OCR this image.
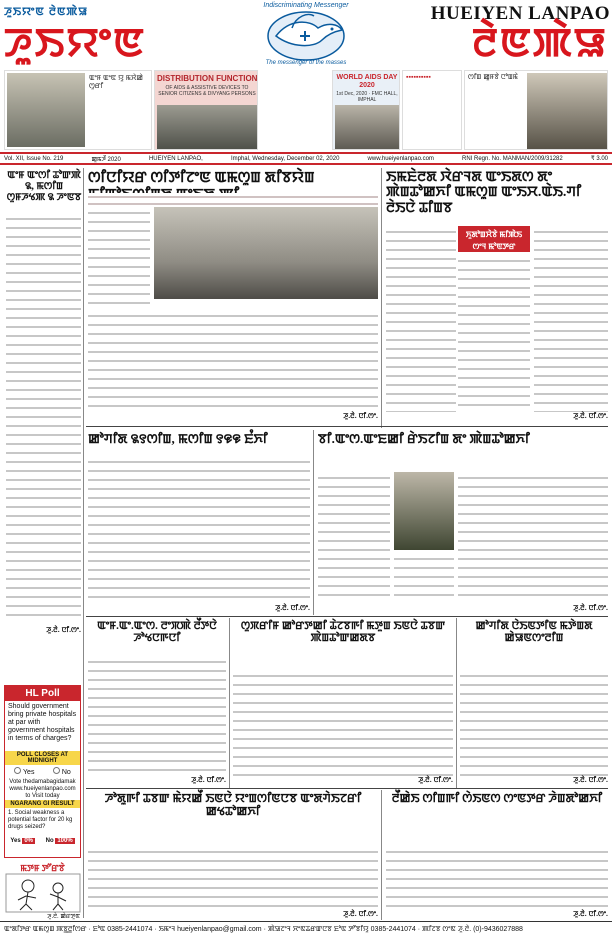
ꯍꯨꯏꯌꯦꯟ ꯂꯥꯟꯄꯥꯎ	HUEIYEN LANPAO
ꯍꯨꯏꯌꯦꯟ	ꯂꯥꯟꯄꯥꯎ
Indiscriminating Messenger
The messenger of the masses
ꯑꯦꯝ ꯑꯦꯟ ꯌꯨ ꯃꯆꯥꯀꯥ ꯁꯨꯔꯤ
DISTRIBUTION FUNCTION
OF AIDS & ASSISTIVE DEVICES TO SENIOR CITIZENS & DIVYANG PERSONS
WORLD AIDS DAY 2020
1st Dec, 2020 · FMC HALL, IMPHAL
▪▪▪▪▪▪▪▪▪▪	ꯁꯤꯡ ꯀꯨꯝꯕꯥ ꯅꯣꯡꯃꯥ
Vol. XII, Issue No. 219	ꯀꯨꯃꯍꯩ 2020	HUEIYEN LANPAO,	Imphal, Wednesday, December 02, 2020	www.hueiyenlanpao.com	RNI Regn. No. MANMAN/2009/31282	₹ 3.00
ꯑꯦꯝ ꯑꯦꯁꯤ ꯊꯣꯛꯄꯥ ꯲, ꯃꯁꯤꯡ ꯁꯨꯝꯍꯠꯄ ꯲ ꯍꯦꯟꯕ
ꯍꯨ.ꯂꯥ. ꯅꯤ.ꯁꯦ.
HL Poll
Should government bring private hospitals at par with government hospitals in terms of charges?
POLL CLOSES AT MIDNIGHT
Yes	No
Vote thedamabagidamak www.hueiyenlanpao.com to Visit today
NGARANG GI RESULT
1. Social weakness a potential factor for 20 kg drugs seized?
Yes 0%	No 100%
ꯃꯇꯝ ꯇꯧꯔꯕꯥ
ꯍꯨ.ꯂꯥ. ꯀꯥꯔꯇꯨꯟ
ꯁꯤꯅꯤꯌꯔ ꯁꯤꯇꯤꯖꯦꯟ ꯑꯃꯁꯨꯡ ꯗꯤꯕꯌꯥꯡ
ꯍꯨ.ꯂꯥ. ꯅꯤ.ꯁꯦ.
ꯏꯃꯐꯥꯂꯗ ꯋꯥꯔꯜꯗ ꯑꯦꯏꯗꯁ ꯗꯦ ꯄꯥꯡꯊꯣꯀꯈꯤ ꯑꯃꯁꯨꯡ ꯑꯦꯏꯆ.ꯑꯥꯏ.ꯚꯤ ꯂꯥꯏꯅꯥ ꯊꯤꯡꯕ
ꯈꯨꯗꯣꯡꯆꯥꯕꯥ ꯃꯤꯄꯥꯏ ꯁꯦꯜ ꯃꯣꯟꯇꯔ
ꯍꯨ.ꯂꯥ. ꯅꯤ.ꯁꯦ.
ꯀꯣꯚꯤꯗ ꯲꯱ꯁꯤꯡ, ꯃꯁꯤꯡ ꯱꯶꯶ ꯐꯪꯈꯤ
ꯍꯨ.ꯂꯥ. ꯅꯤ.ꯁꯦ.
ꯕꯤ.ꯑꯦꯁ.ꯑꯦꯐꯀꯤ ꯔꯥꯏꯖꯤꯡ ꯗꯦ ꯄꯥꯡꯊꯣꯀꯈꯤ
ꯍꯨ.ꯂꯥ. ꯅꯤ.ꯁꯦ.
ꯑꯦꯝ.ꯑꯦ.ꯑꯦꯁ. ꯂꯦꯞꯄꯥ ꯂꯩꯇꯅꯥ ꯍꯣꯠꯅꯒꯅꯤ
ꯍꯨ.ꯂꯥ. ꯅꯤ.ꯁꯦ.
ꯁꯨꯞꯔꯤꯝ ꯀꯣꯔꯇꯀꯤ ꯊꯥꯖꯕꯒꯤ ꯃꯇꯨꯡ ꯏꯟꯅꯥ ꯊꯕꯛ ꯄꯥꯡꯊꯣꯛꯀꯗꯕ
ꯍꯨ.ꯂꯥ. ꯅꯤ.ꯁꯦ.
ꯀꯣꯚꯤꯗ ꯅꯥꯏꯟꯇꯤꯟ ꯃꯇꯥꯡꯗ ꯀꯥꯎꯟꯁꯦꯂꯤꯡ
ꯍꯨ.ꯂꯥ. ꯅꯤ.ꯁꯦ.
ꯍꯣꯗꯨꯒꯤ ꯊꯕꯛ ꯃꯥꯌꯀꯩ ꯏꯟꯅꯥ ꯌꯦꯡꯁꯤꯟꯅꯕ ꯑꯦꯗꯚꯥꯏꯖꯔꯤ ꯀꯠꯊꯣꯀꯈꯤ
ꯍꯨ.ꯂꯥ. ꯅꯤ.ꯁꯦ.
ꯂꯩꯀꯥꯏ ꯁꯤꯡꯒꯤ ꯁꯥꯏꯟꯁ ꯁꯦꯟꯇꯔ ꯍꯥꯡꯗꯣꯀꯈꯤ
ꯍꯨ.ꯂꯥ. ꯅꯤ.ꯁꯦ.
ꯑꯦꯗꯤꯇꯔ ꯑꯃꯁꯨꯡ ꯄꯕ꯭ꯂꯤꯁꯔ · ꯐꯣꯟ 0385-2441074 · ꯏꯃꯦꯜ hueiyenlanpao@gmail.com · ꯄꯥꯎꯖꯦꯜ ꯆꯦꯟꯊꯔꯛꯅꯕ ꯐꯣꯟ ꯇꯧꯕꯤꯌꯨ 0385-2441074 · ꯄꯤꯖꯕ ꯁꯦꯟ ꯍꯨ.ꯂꯥ. (0)-9436027888
